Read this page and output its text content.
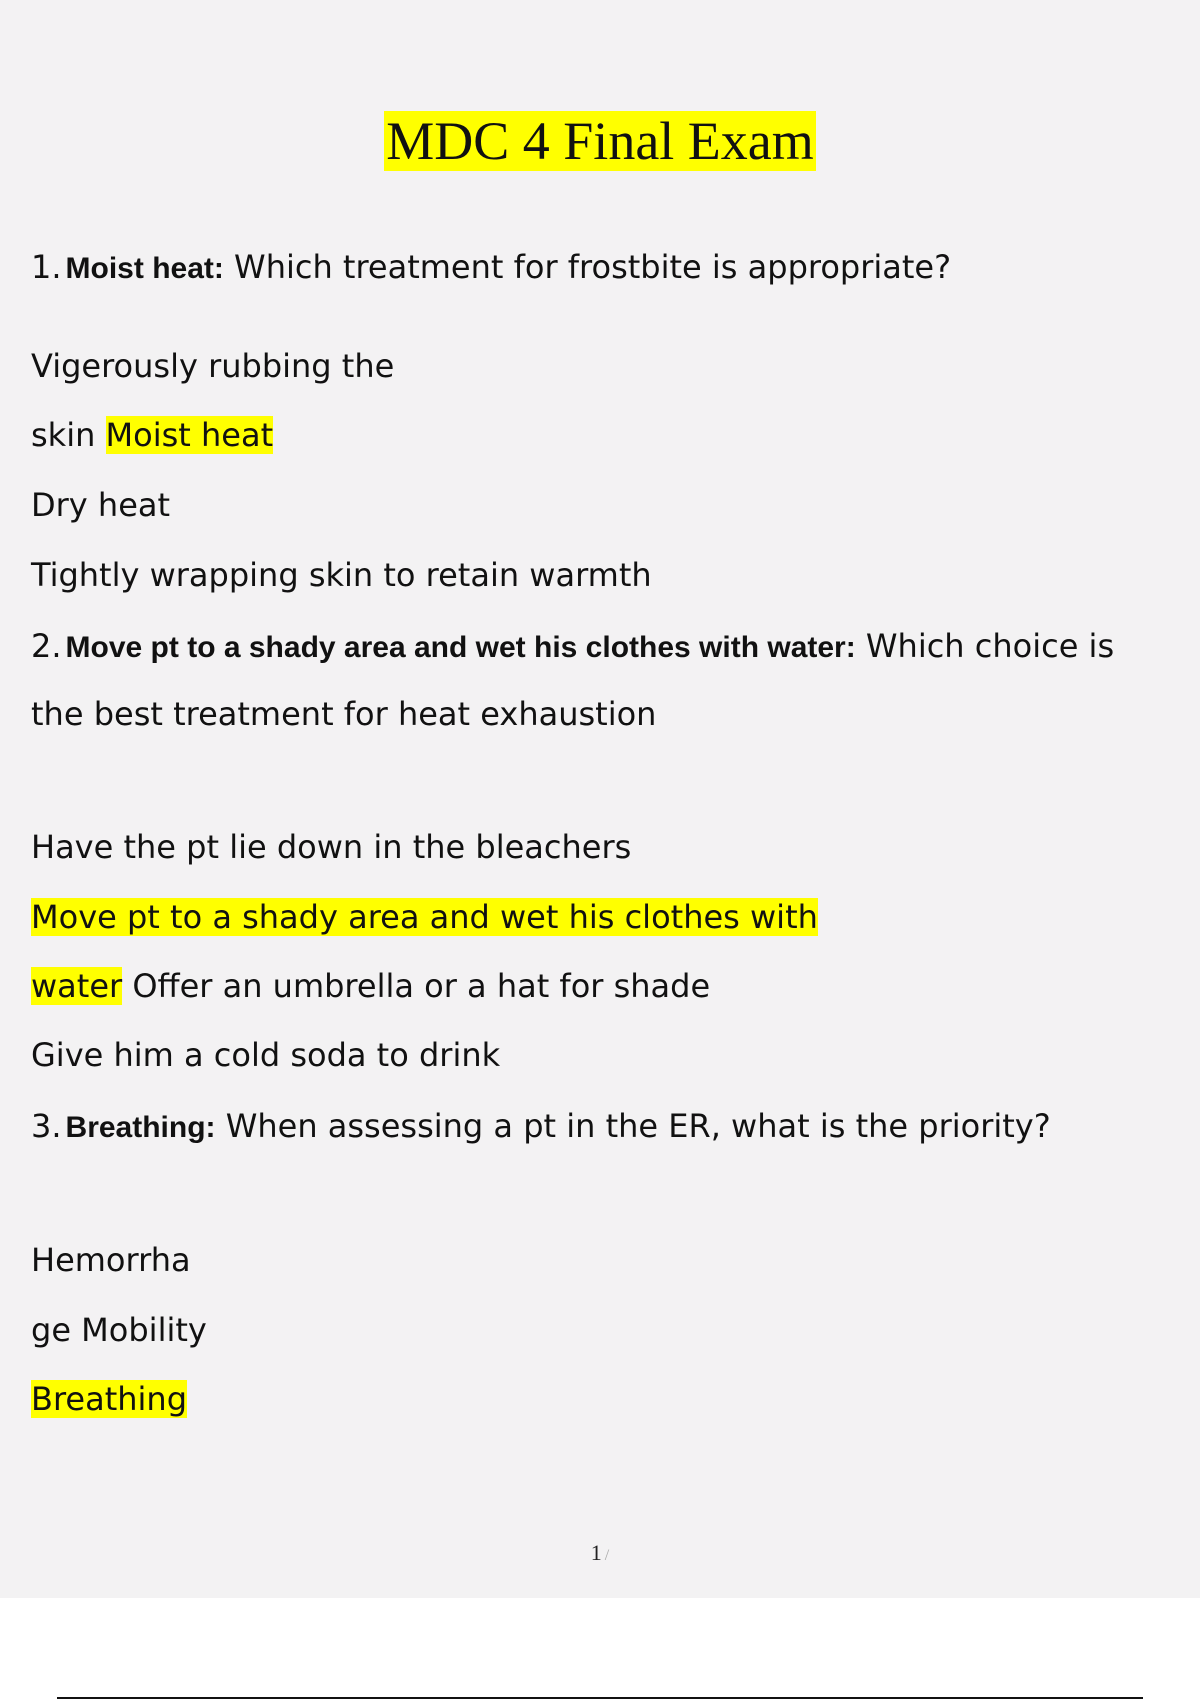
MDC 4 Final Exam
1. Moist heat: Which treatment for frostbite is appropriate?
Vigerously rubbing the
skin Moist heat
Dry heat
Tightly wrapping skin to retain warmth
2. Move pt to a shady area and wet his clothes with water: Which choice is
the best treatment for heat exhaustion
Have the pt lie down in the bleachers
Move pt to a shady area and wet his clothes with
water Offer an umbrella or a hat for shade
Give him a cold soda to drink
3. Breathing: When assessing a pt in the ER, what is the priority?
Hemorrha
ge Mobility
Breathing
1 /
